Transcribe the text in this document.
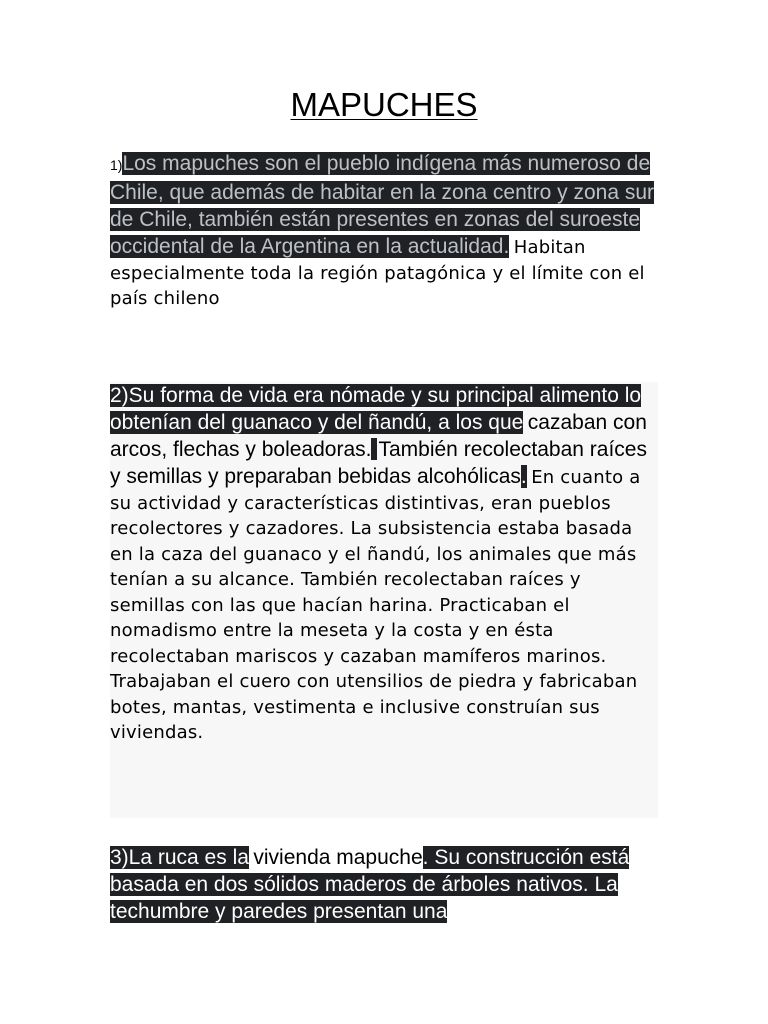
MAPUCHES
1)Los mapuches son el pueblo indígena más numeroso de Chile, que además de habitar en la zona centro y zona sur de Chile, también están presentes en zonas del suroeste occidental de la Argentina en la actualidad. Habitan especialmente toda la región patagónica y el límite con el país chileno
2)Su forma de vida era nómade y su principal alimento lo obtenían del guanaco y del ñandú, a los que cazaban con arcos, flechas y boleadoras. También recolectaban raíces y semillas y preparaban bebidas alcohólicas. En cuanto a su actividad y características distintivas, eran pueblos recolectores y cazadores. La subsistencia estaba basada en la caza del guanaco y el ñandú, los animales que más tenían a su alcance. También recolectaban raíces y semillas con las que hacían harina. Practicaban el nomadismo entre la meseta y la costa y en ésta recolectaban mariscos y cazaban mamíferos marinos. Trabajaban el cuero con utensilios de piedra y fabricaban botes, mantas, vestimenta e inclusive construían sus viviendas.
3)La ruca es la vivienda mapuche. Su construcción está basada en dos sólidos maderos de árboles nativos. La techumbre y paredes presentan una
